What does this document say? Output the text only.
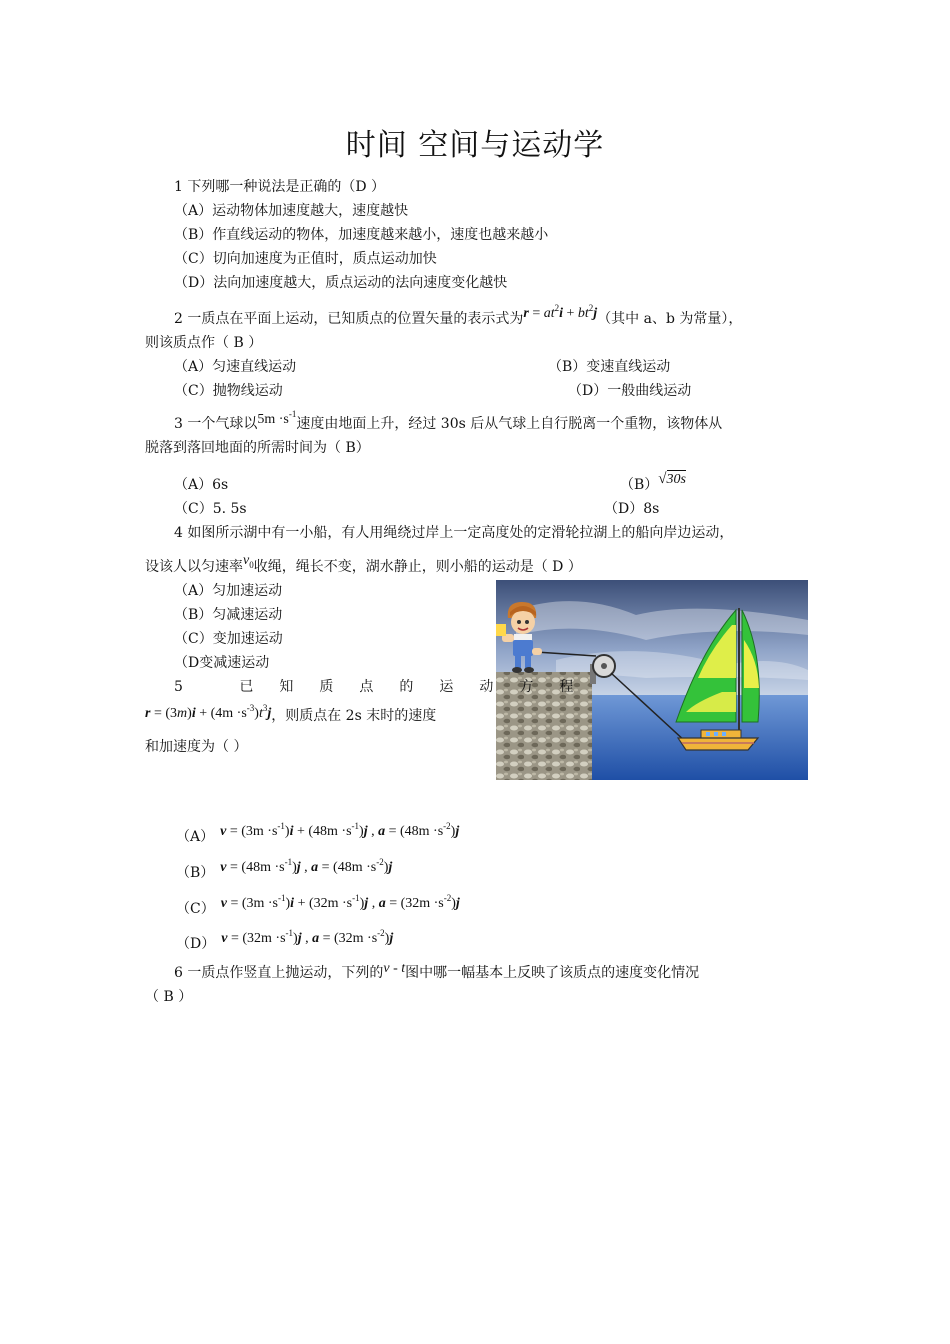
时间 空间与运动学
1 下列哪一种说法是正确的（D ）
（A）运动物体加速度越大，速度越快
（B）作直线运动的物体，加速度越来越小，速度也越来越小
（C）切向加速度为正值时，质点运动加快
（D）法向加速度越大，质点运动的法向速度变化越快
2 一质点在平面上运动，已知质点的位置矢量的表示式为$r = at^2i + bt^2j$（其中 a、b 为常量），
则该质点作（ B ）
（A）匀速直线运动	（B）变速直线运动
（C）抛物线运动	（D）一般曲线运动
3 一个气球以$5m \cdot s^{-1}$速度由地面上升，经过 30s 后从气球上自行脱离一个重物，该物体从
脱落到落回地面的所需时间为（ B）
（A）6s	（B）√30s
（C）5. 5s	（D）8s
4 如图所示湖中有一小船，有人用绳绕过岸上一定高度处的定滑轮拉湖上的船向岸边运动，
设该人以匀速率$v_0$收绳，绳长不变，湖水静止，则小船的运动是（ D ）
（A）匀加速运动
（B）匀减速运动
（C）变加速运动
（D变减速运动
5 已知质点的运动方程
$r = (3m)i + (4m \cdot s^{-3})t^3j$，则质点在 2s 末时的速度
和加速度为（ ）
（A） $v = (3m \cdot s^{-1})i + (48m \cdot s^{-1})j$ , $a = (48m \cdot s^{-2})j$
（B） $v = (48m \cdot s^{-1})j$ , $a = (48m \cdot s^{-2})j$
（C） $v = (3m \cdot s^{-1})i + (32m \cdot s^{-1})j$ , $a = (32m \cdot s^{-2})j$
（D） $v = (32m \cdot s^{-1})j$ , $a = (32m \cdot s^{-2})j$
6 一质点作竖直上抛运动，下列的v - t图中哪一幅基本上反映了该质点的速度变化情况
（ B ）
